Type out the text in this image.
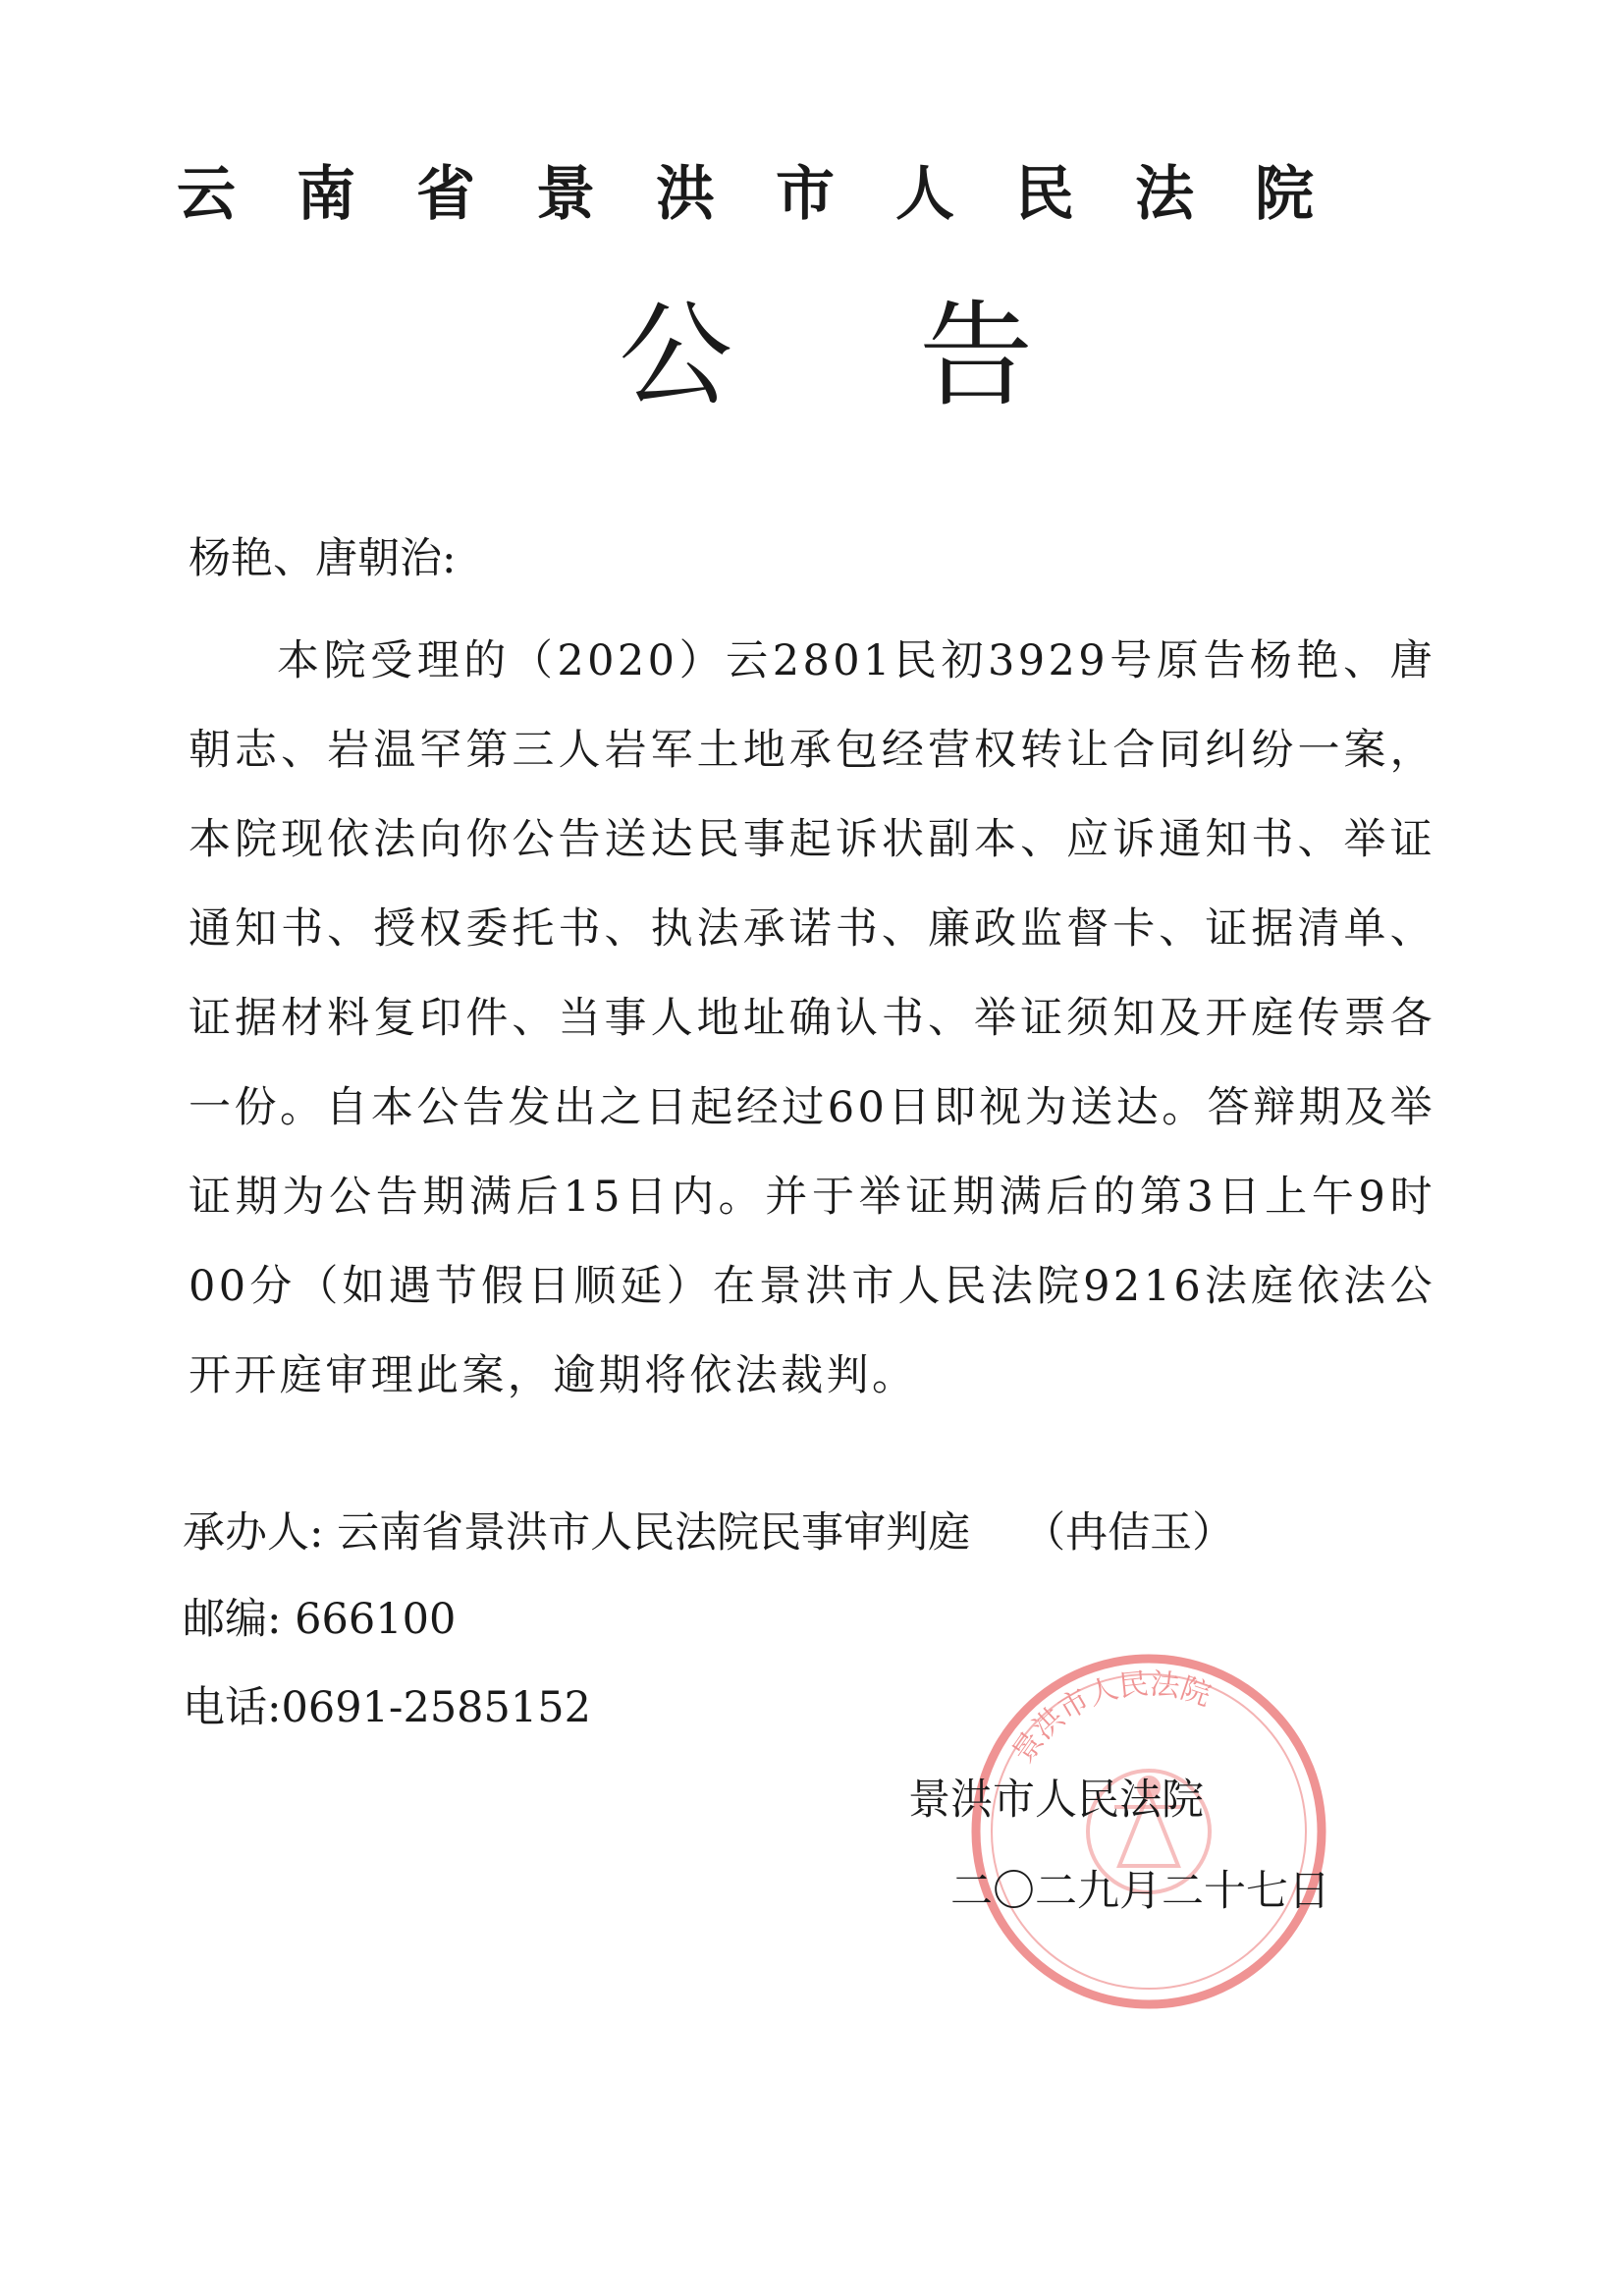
云南省景洪市人民法院
公告
杨艳、唐朝治:
本院受理的（2020）云2801民初3929号原告杨艳、唐朝志、岩温罕第三人岩军土地承包经营权转让合同纠纷一案，本院现依法向你公告送达民事起诉状副本、应诉通知书、举证通知书、授权委托书、执法承诺书、廉政监督卡、证据清单、证据材料复印件、当事人地址确认书、举证须知及开庭传票各一份。自本公告发出之日起经过60日即视为送达。答辩期及举证期为公告期满后15日内。并于举证期满后的第3日上午9时00分（如遇节假日顺延）在景洪市人民法院9216法庭依法公开开庭审理此案，逾期将依法裁判。
承办人: 云南省景洪市人民法院民事审判庭 （冉佶玉）
邮编: 666100
电话:0691-2585152
景洪市人民法院
景洪市人民法院
二〇二九月二十七日
